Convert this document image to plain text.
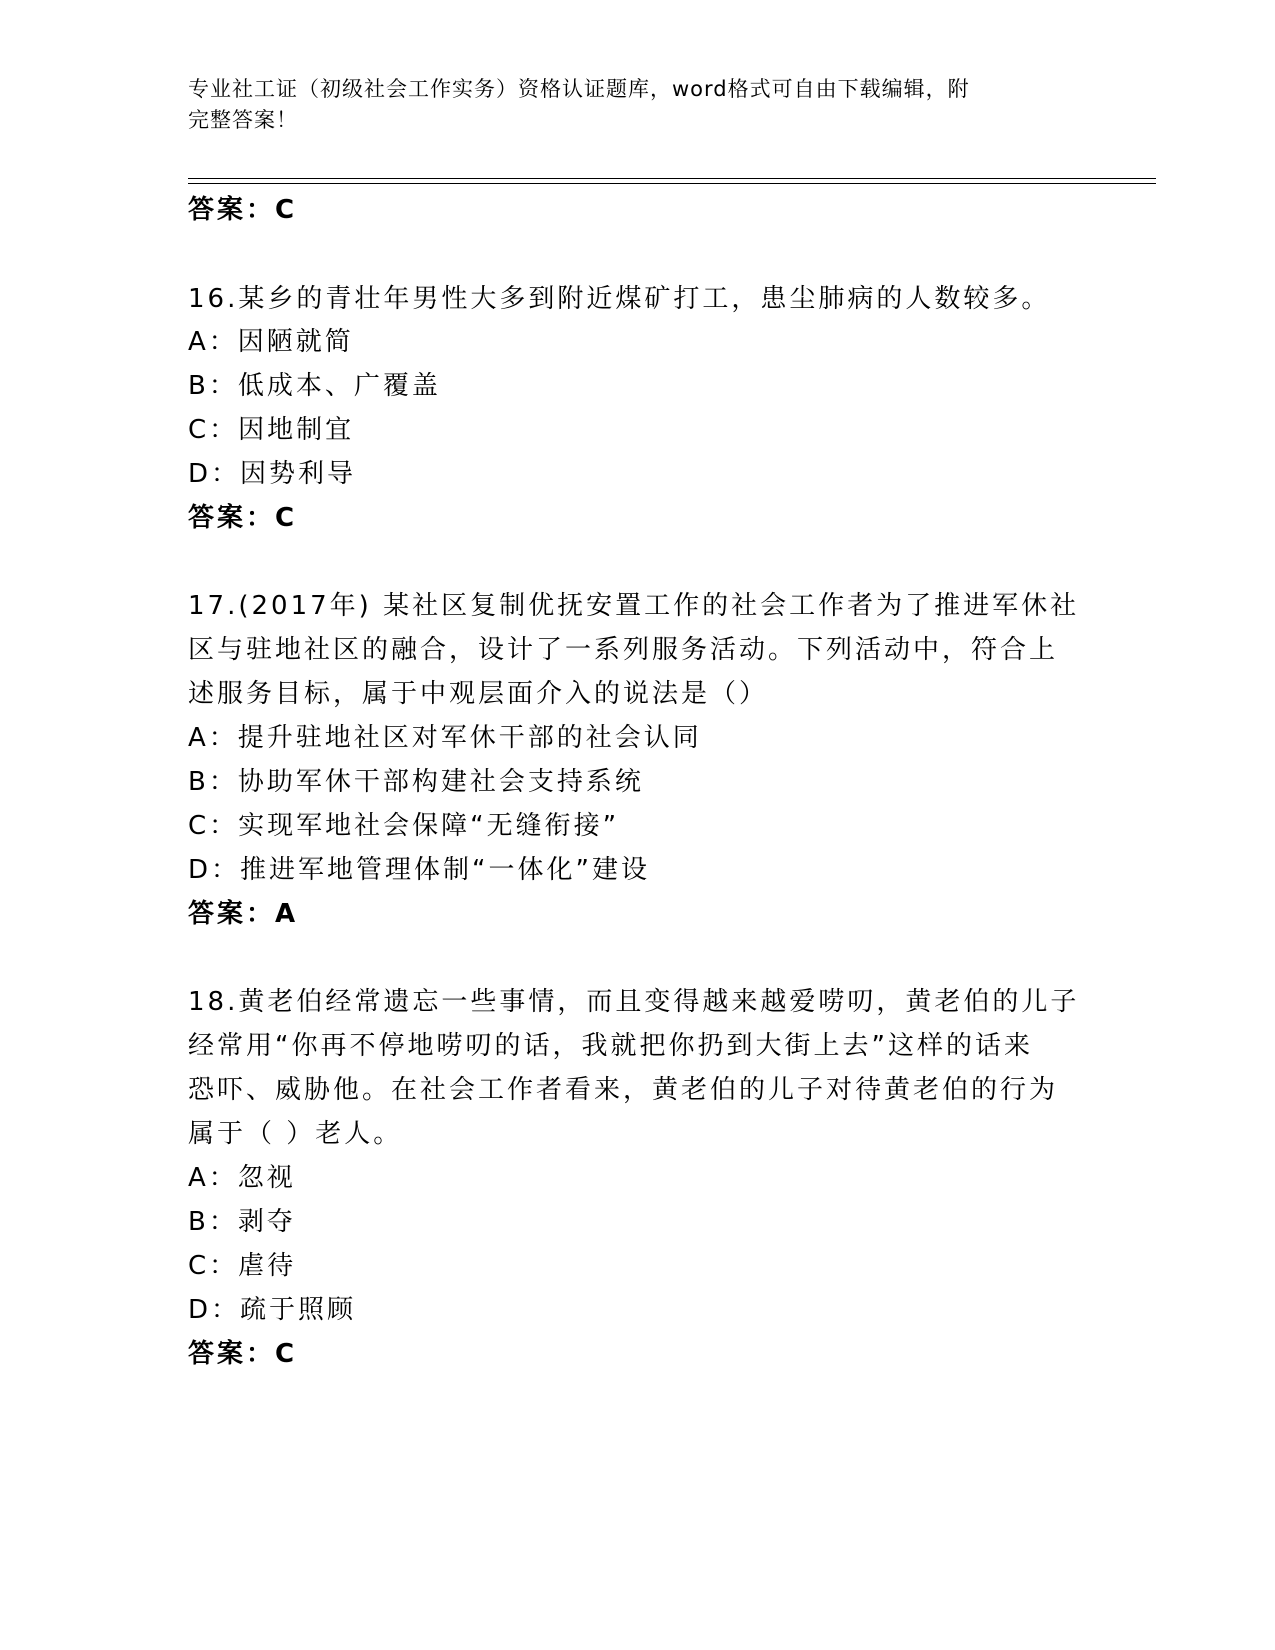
专业社工证（初级社会工作实务）资格认证题库，word格式可自由下载编辑，附
完整答案！
答案：C
16.某乡的青壮年男性大多到附近煤矿打工，患尘肺病的人数较多。
A：因陋就简
B：低成本、广覆盖
C：因地制宜
D：因势利导
答案：C
17.(2017年) 某社区复制优抚安置工作的社会工作者为了推进军休社
区与驻地社区的融合，设计了一系列服务活动。下列活动中，符合上
述服务目标，属于中观层面介入的说法是（）
A：提升驻地社区对军休干部的社会认同
B：协助军休干部构建社会支持系统
C：实现军地社会保障“无缝衔接”
D：推进军地管理体制“一体化”建设
答案：A
18.黄老伯经常遗忘一些事情，而且变得越来越爱唠叨，黄老伯的儿子
经常用“你再不停地唠叨的话，我就把你扔到大街上去”这样的话来
恐吓、威胁他。在社会工作者看来，黄老伯的儿子对待黄老伯的行为
属于（ ）老人。
A：忽视
B：剥夺
C：虐待
D：疏于照顾
答案：C
